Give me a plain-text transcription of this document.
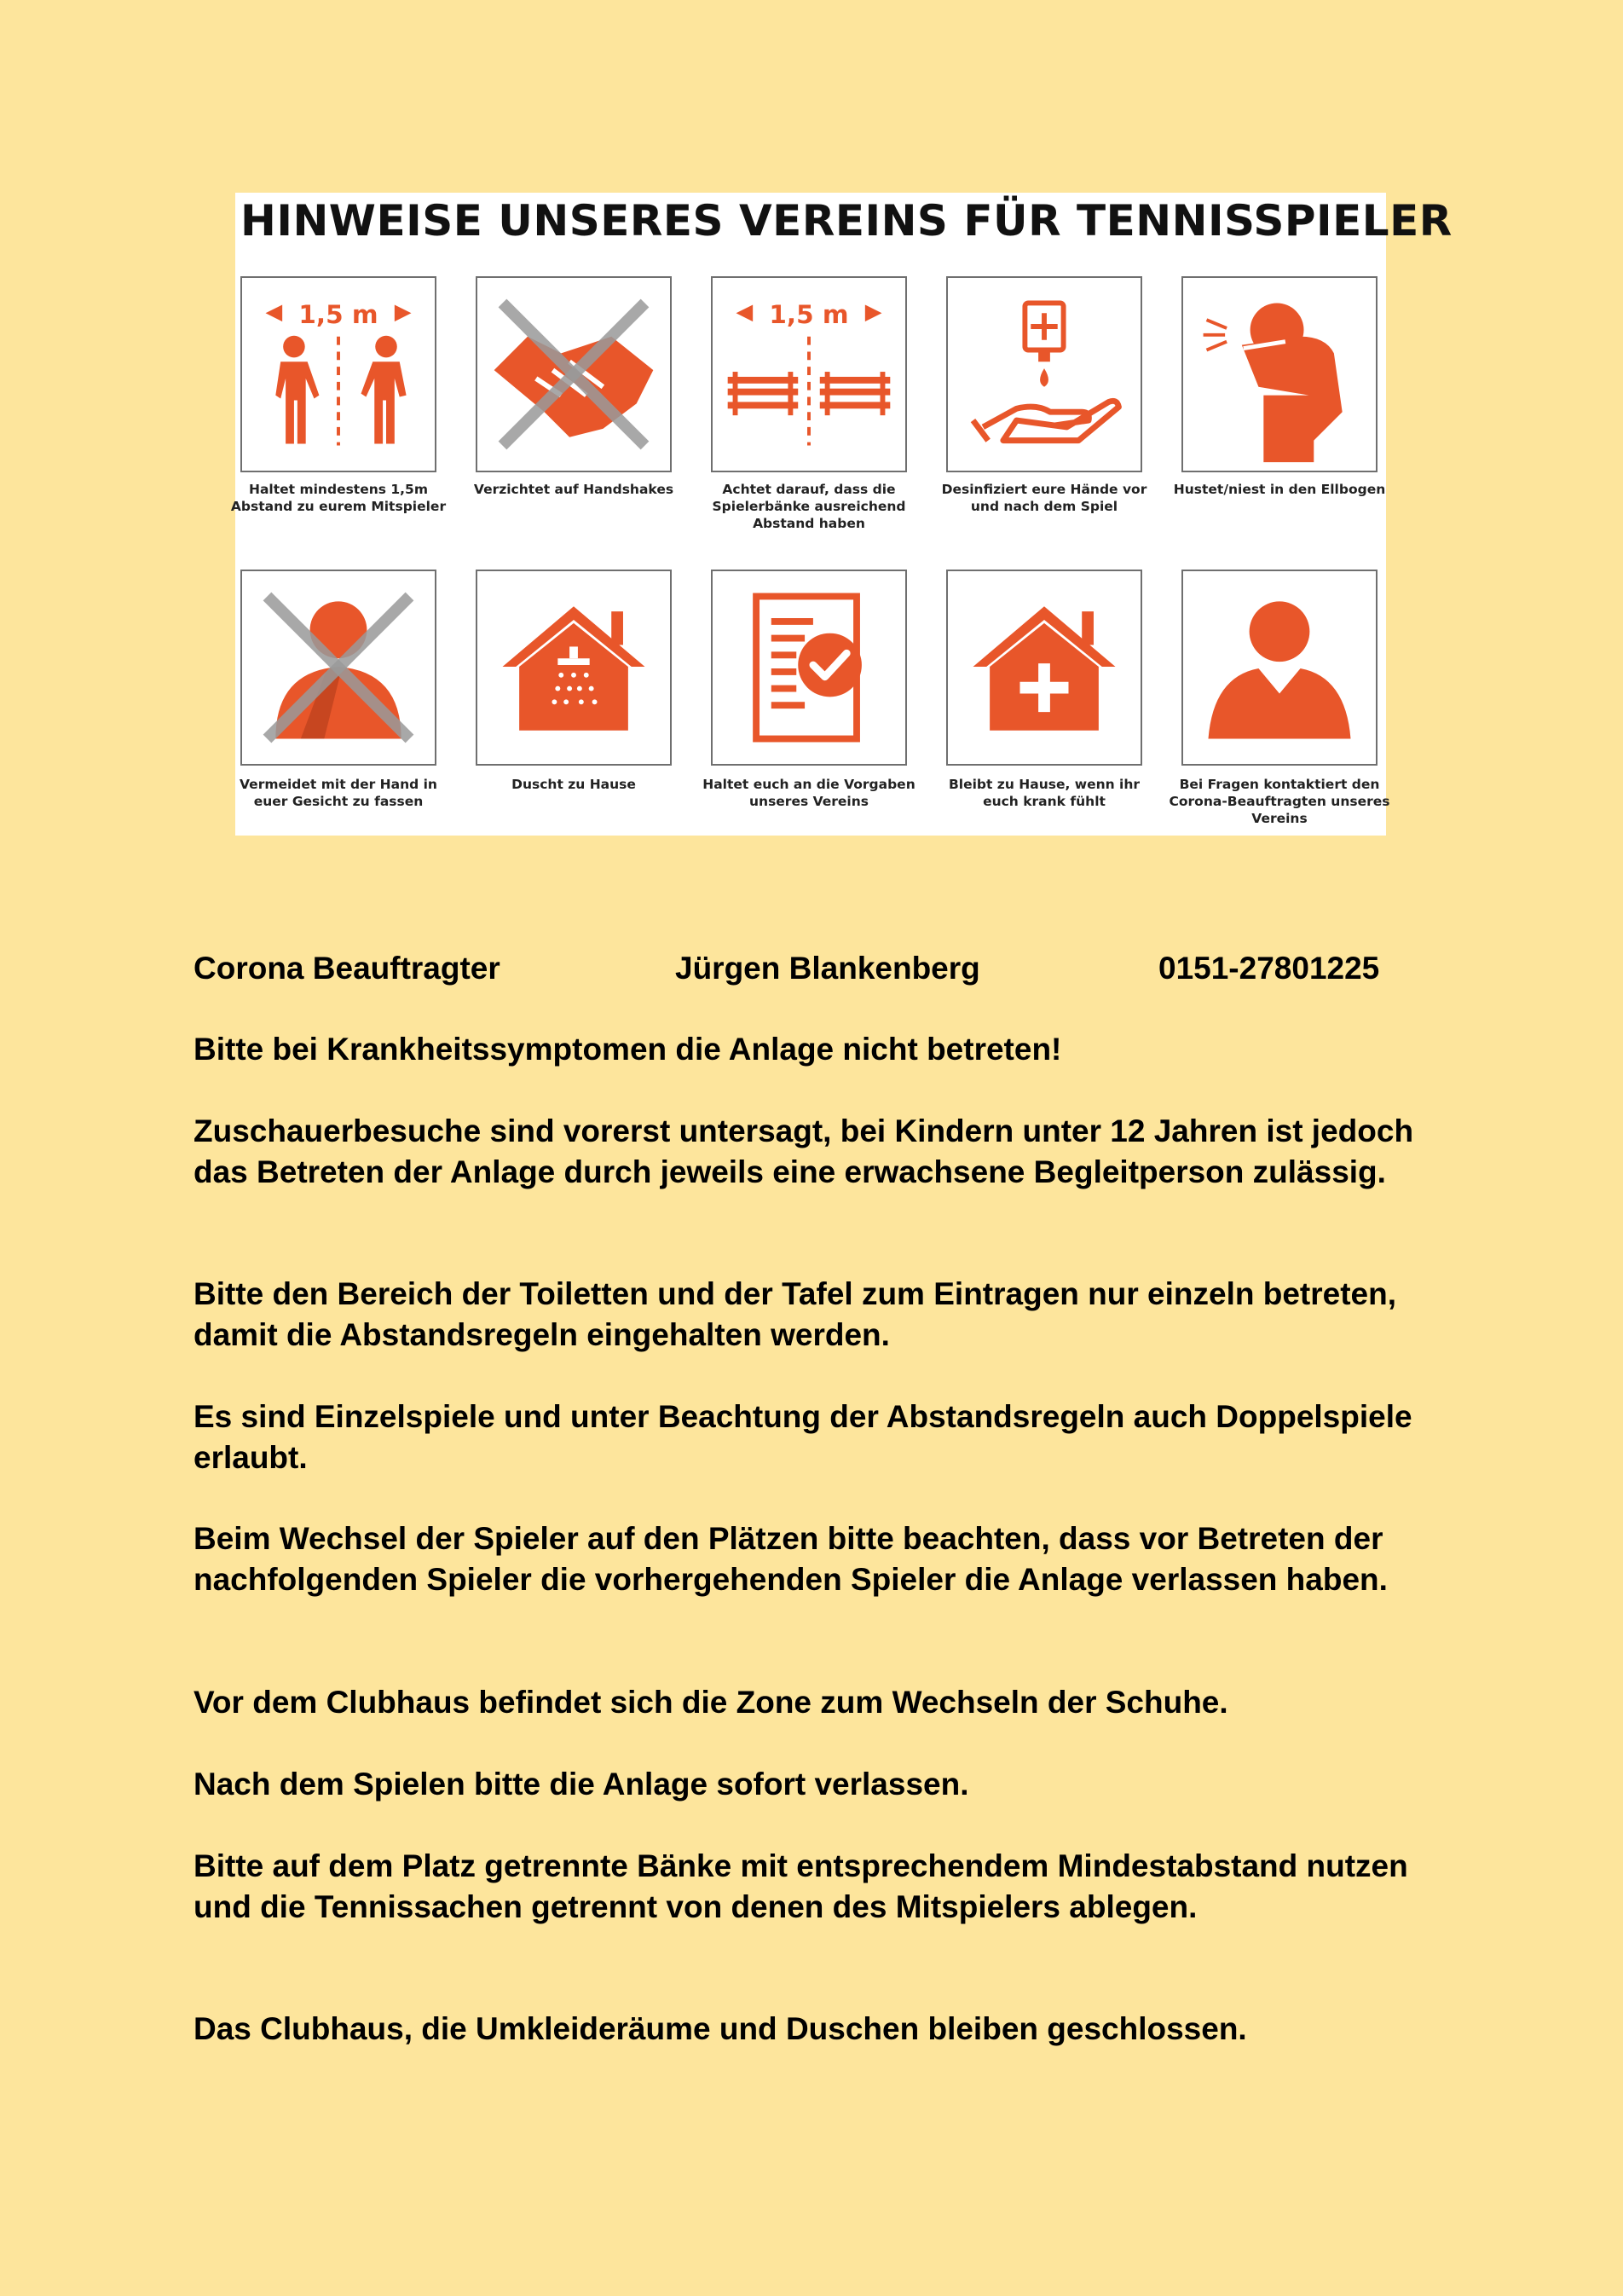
HINWEISE UNSERES VEREINS FÜR TENNISSPIELER
1,5 m
Haltet mindestens 1,5m Abstand zu eurem Mitspieler
Verzichtet auf Handshakes
1,5 m
Achtet darauf, dass die Spielerbänke ausreichend Abstand haben
Desinfiziert eure Hände vor und nach dem Spiel
Hustet/niest in den Ellbogen
Vermeidet mit der Hand in euer Gesicht zu fassen
Duscht zu Hause	Haltet euch an die Vorgaben unseres Vereins
Bleibt zu Hause, wenn ihr euch krank fühlt
Bei Fragen kontaktiert den Corona-Beauftragten unseres Vereins
Corona Beauftragter	Jürgen Blankenberg	0151-27801225

Bitte bei Krankheitssymptomen die Anlage nicht betreten!

Zuschauerbesuche sind vorerst untersagt, bei Kindern unter 12 Jahren ist jedoch das Betreten der Anlage durch jeweils eine erwachsene Begleitperson zulässig.

Bitte den Bereich der Toiletten und der Tafel zum Eintragen nur einzeln betreten, damit die Abstandsregeln eingehalten werden.

Es sind Einzelspiele und unter Beachtung der Abstandsregeln auch Doppelspiele erlaubt.

Beim Wechsel der Spieler auf den Plätzen bitte beachten, dass vor Betreten der nachfolgenden Spieler die vorhergehenden Spieler die Anlage verlassen haben.

Vor dem Clubhaus befindet sich die Zone zum Wechseln der Schuhe.

Nach dem Spielen bitte die Anlage sofort verlassen.

Bitte auf dem Platz getrennte Bänke mit entsprechendem Mindestabstand nutzen und die Tennissachen getrennt von denen des Mitspielers ablegen.

Das Clubhaus, die Umkleideräume und Duschen bleiben geschlossen.
